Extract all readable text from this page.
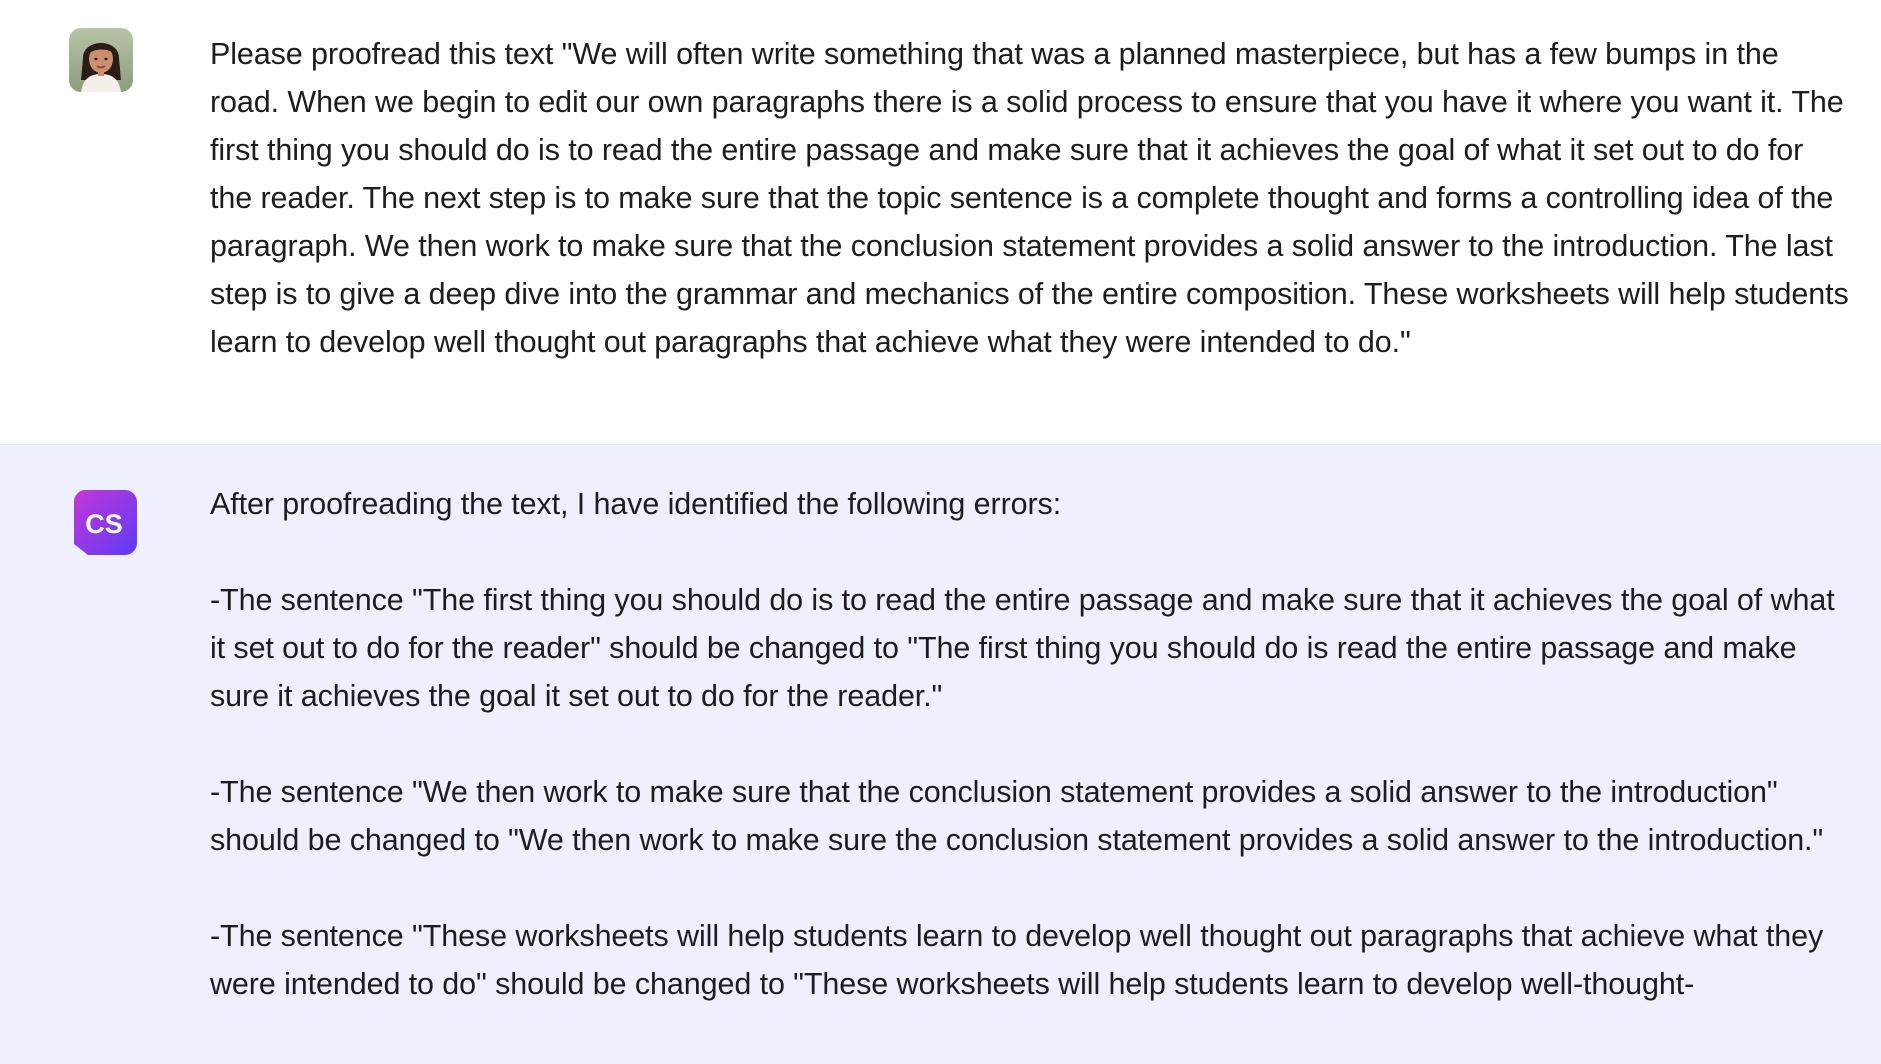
Please proofread this text "We will often write something that was a planned masterpiece, but has a few bumps in the road. When we begin to edit our own paragraphs there is a solid process to ensure that you have it where you want it. The first thing you should do is to read the entire passage and make sure that it achieves the goal of what it set out to do for the reader. The next step is to make sure that the topic sentence is a complete thought and forms a controlling idea of the paragraph. We then work to make sure that the conclusion statement provides a solid answer to the introduction. The last step is to give a deep dive into the grammar and mechanics of the entire composition. These worksheets will help students learn to develop well thought out paragraphs that achieve what they were intended to do."

CS

After proofreading the text, I have identified the following errors:

-The sentence "The first thing you should do is to read the entire passage and make sure that it achieves the goal of what it set out to do for the reader" should be changed to "The first thing you should do is read the entire passage and make sure it achieves the goal it set out to do for the reader."

-The sentence "We then work to make sure that the conclusion statement provides a solid answer to the introduction" should be changed to "We then work to make sure the conclusion statement provides a solid answer to the introduction."

-The sentence "These worksheets will help students learn to develop well thought out paragraphs that achieve what they were intended to do" should be changed to "These worksheets will help students learn to develop well-thought-
